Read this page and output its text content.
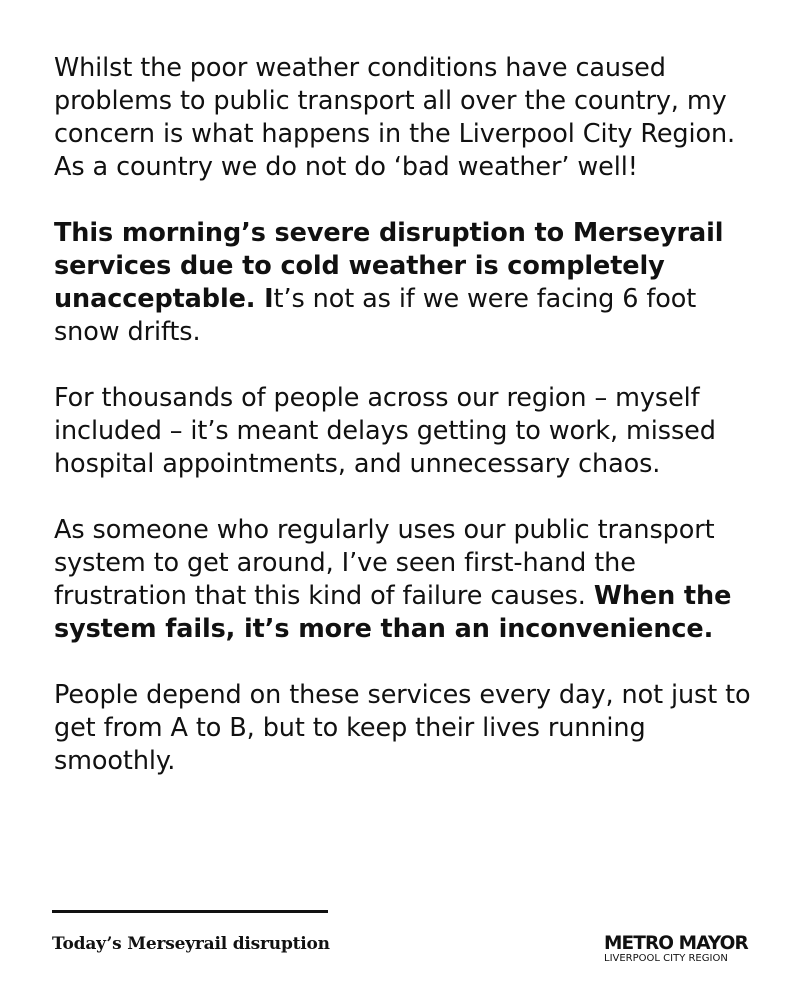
Whilst the poor weather conditions have caused problems to public transport all over the country, my concern is what happens in the Liverpool City Region. As a country we do not do ‘bad weather’ well!

This morning’s severe disruption to Merseyrail services due to cold weather is completely unacceptable. It’s not as if we were facing 6 foot snow drifts.

For thousands of people across our region – myself included – it’s meant delays getting to work, missed hospital appointments, and unnecessary chaos.

As someone who regularly uses our public transport system to get around, I’ve seen first-hand the frustration that this kind of failure causes. When the system fails, it’s more than an inconvenience.

People depend on these services every day, not just to get from A to B, but to keep their lives running smoothly.

Today’s Merseyrail disruption	METRO MAYOR
LIVERPOOL CITY REGION
